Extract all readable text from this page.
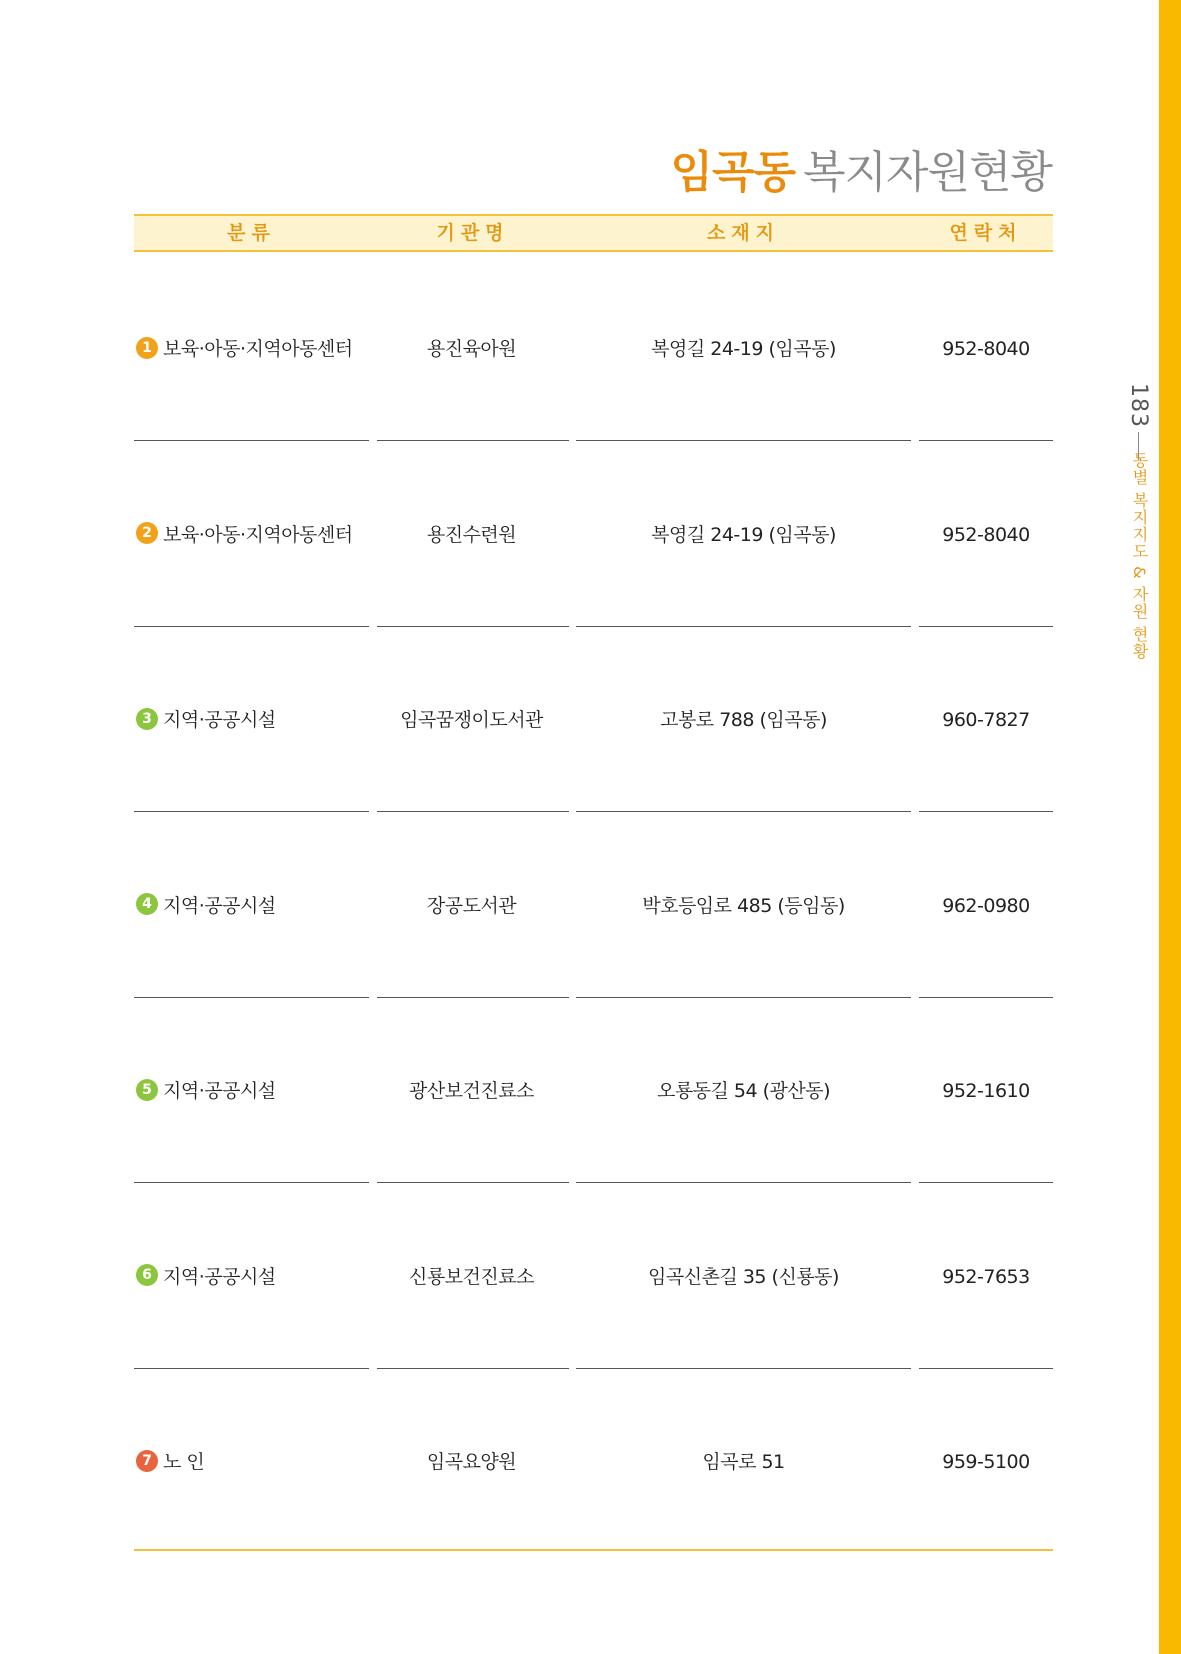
임곡동 복지자원현황
분류	기관명	소재지	연락처
1 보육·아동·지역아동센터	용진육아원	복영길 24-19 (임곡동)	952-8040
2 보육·아동·지역아동센터	용진수련원	복영길 24-19 (임곡동)	952-8040
3 지역·공공시설	임곡꿈쟁이도서관	고봉로 788 (임곡동)	960-7827
4 지역·공공시설	장공도서관	박호등임로 485 (등임동)	962-0980
5 지역·공공시설	광산보건진료소	오룡동길 54 (광산동)	952-1610
6 지역·공공시설	신룡보건진료소	임곡신촌길 35 (신룡동)	952-7653
7 노 인	임곡요양원	임곡로 51	959-5100
183
동별 복지지도 & 자원 현황
